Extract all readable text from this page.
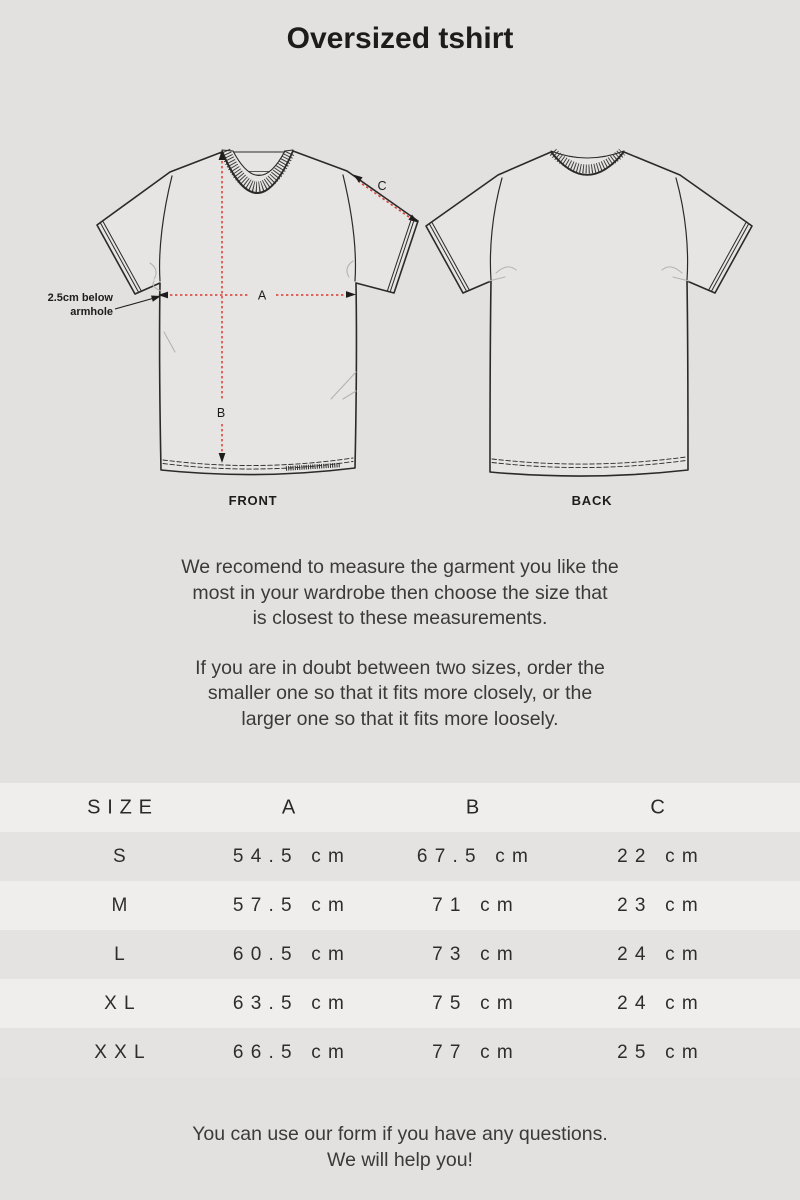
Oversized tshirt
A
B
C
2.5cm below
armhole
FRONT	BACK

We recomend to measure the garment you like the

most in your wardrobe then choose the size that

is closest to these measurements.

If you are in doubt between two sizes, order the

smaller one so that it fits more closely, or the

larger one so that it fits more loosely.

SIZE	A	B	C
S	54.5 cm	67.5 cm	22 cm
M	57.5 cm	71 cm	23 cm
L	60.5 cm	73 cm	24 cm
XL	63.5 cm	75 cm	24 cm
XXL	66.5 cm	77 cm	25 cm

You can use our form if you have any questions.

We will help you!
